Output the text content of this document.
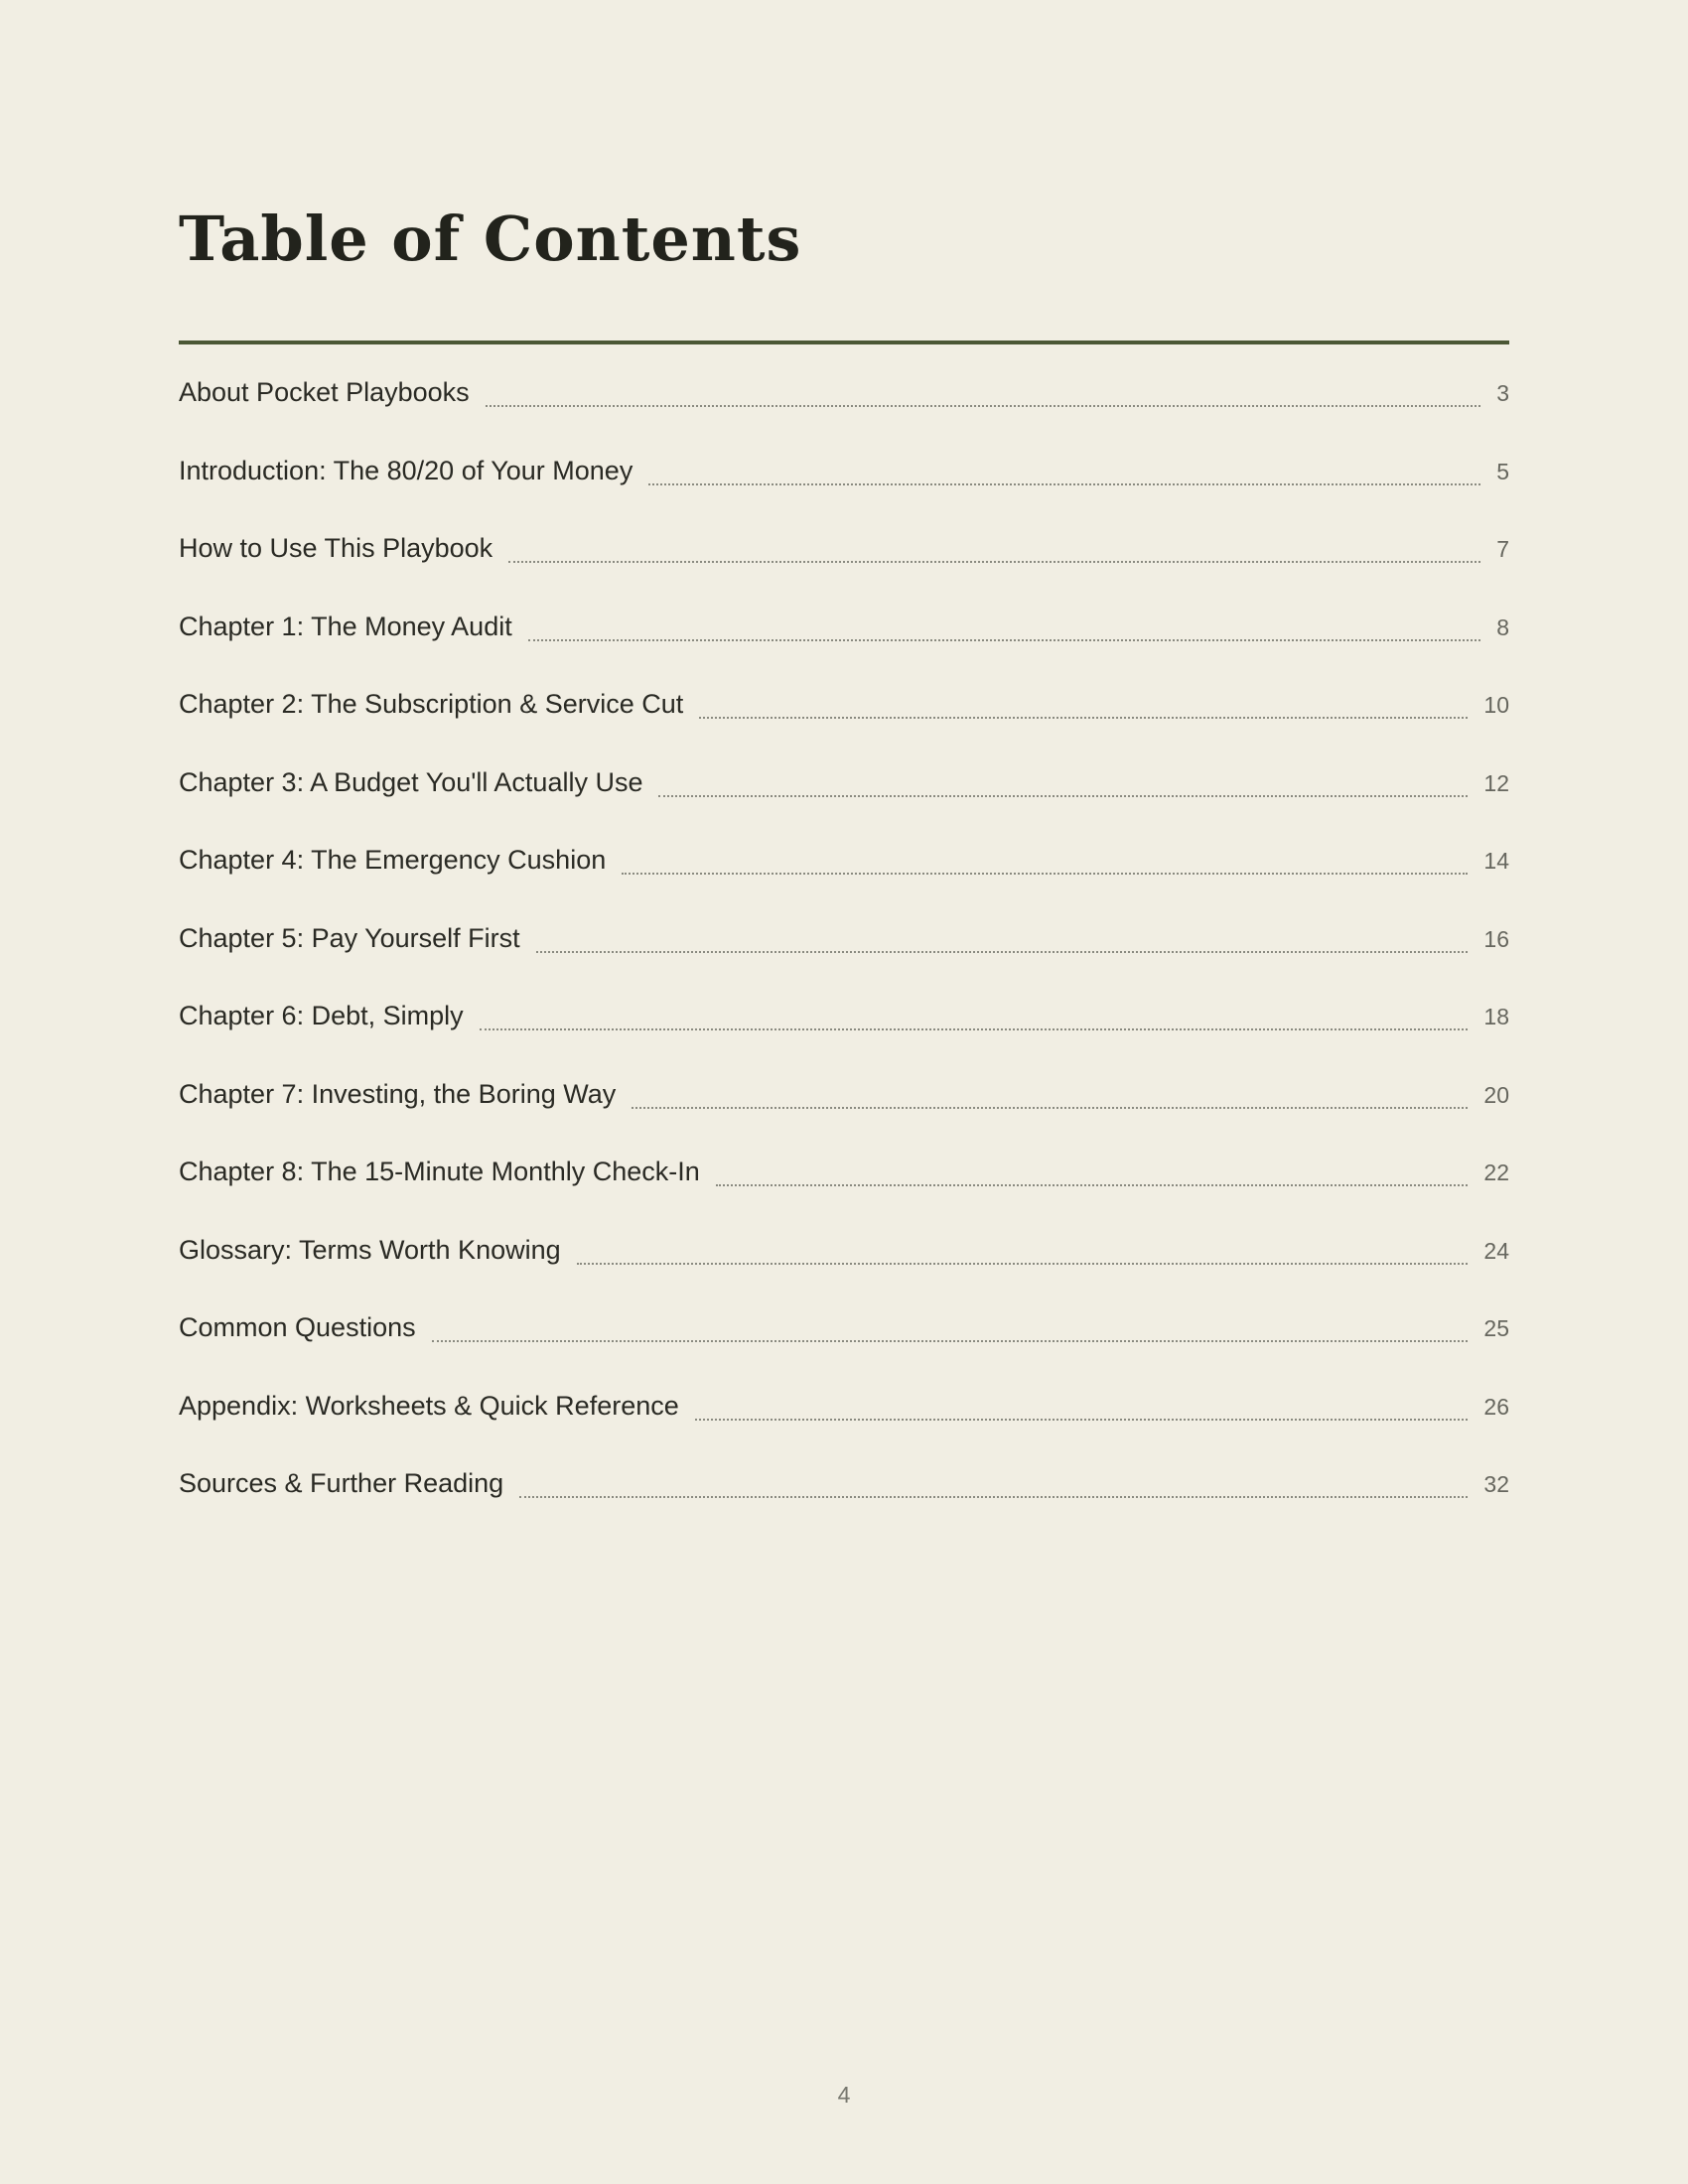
Table of Contents
About Pocket Playbooks	3
Introduction: The 80/20 of Your Money	5
How to Use This Playbook	7
Chapter 1: The Money Audit	8
Chapter 2: The Subscription & Service Cut	10
Chapter 3: A Budget You'll Actually Use	12
Chapter 4: The Emergency Cushion	14
Chapter 5: Pay Yourself First	16
Chapter 6: Debt, Simply	18
Chapter 7: Investing, the Boring Way	20
Chapter 8: The 15-Minute Monthly Check-In	22
Glossary: Terms Worth Knowing	24
Common Questions	25
Appendix: Worksheets & Quick Reference	26
Sources & Further Reading	32
4
